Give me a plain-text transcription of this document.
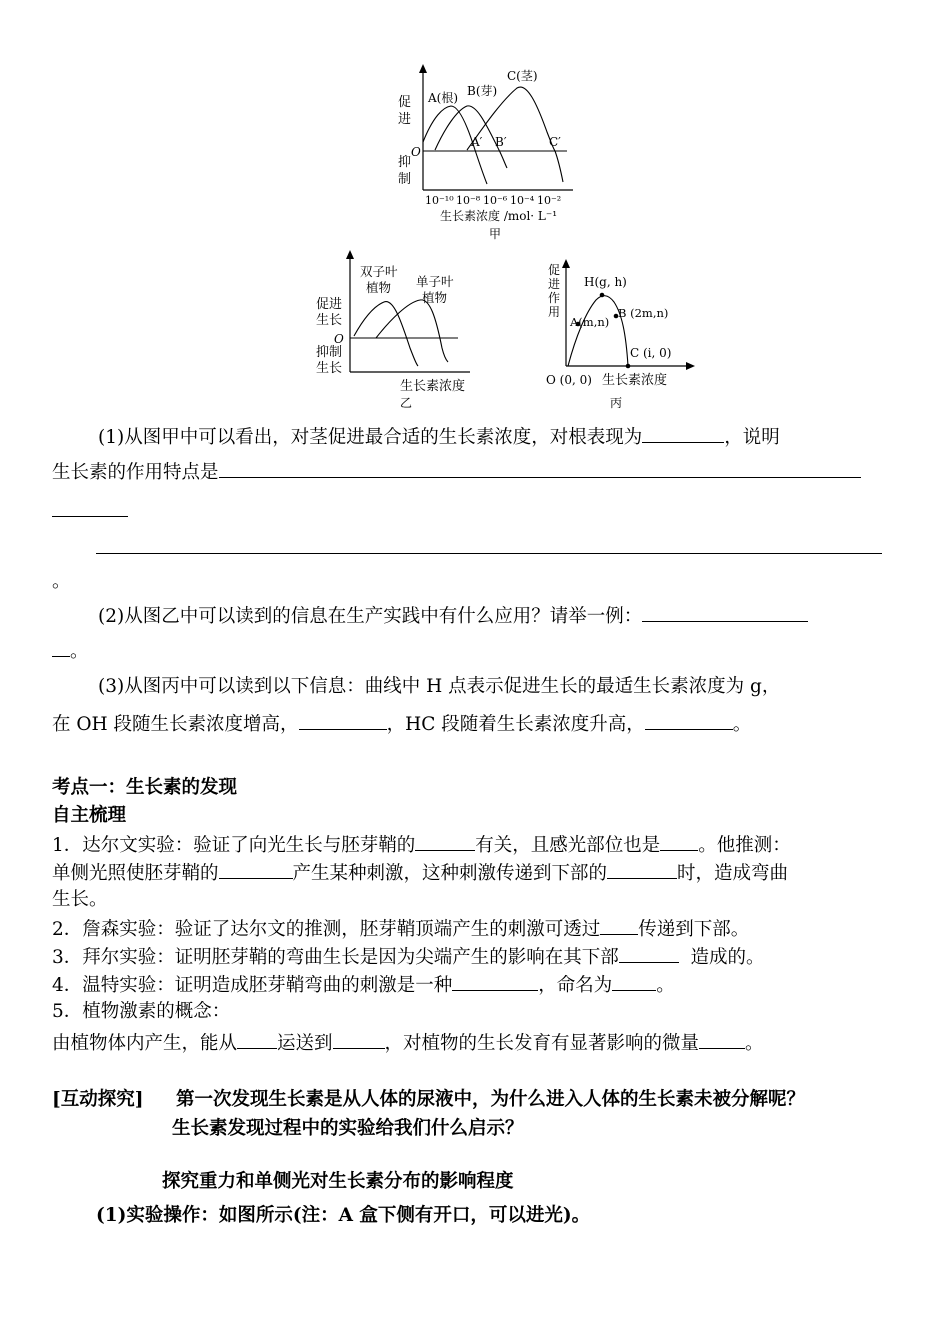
促
进
O
抑
制
A(根) B(芽)
C(茎)
A′ B′	C′
10⁻¹⁰ 10⁻⁸ 10⁻⁶ 10⁻⁴ 10⁻²
生长素浓度 /mol· L⁻¹
甲
促进
生长
O
抑制
生长
双子叶
植物 单子叶
植物
生长素浓度
乙
促
进
作
用
H(g, h)
A(m,n)
B (2m,n)
C (i, 0)
O (0, 0) 生长素浓度
丙
(1)从图甲中可以看出，对茎促进最合适的生长素浓度，对根表现为	，说明
生长素的作用特点是
。
(2)从图乙中可以读到的信息在生产实践中有什么应用？请举一例：
。
(3)从图丙中可以读到以下信息：曲线中 H 点表示促进生长的最适生长素浓度为 g，
在 OH 段随生长素浓度增高，	，HC 段随着生长素浓度升高，	。
考点一：生长素的发现
自主梳理
1．达尔文实验：验证了向光生长与胚芽鞘的	有关，且感光部位也是 。他推测：
单侧光照使胚芽鞘的	产生某种刺激，这种刺激传递到下部的	时，造成弯曲
生长。
2．詹森实验：验证了达尔文的推测，胚芽鞘顶端产生的刺激可透过 传递到下部。
3．拜尔实验：证明胚芽鞘的弯曲生长是因为尖端产生的影响在其下部	造成的。
4．温特实验：证明造成胚芽鞘弯曲的刺激是一种	，命名为 。
5．植物激素的概念：
由植物体内产生，能从 运送到	，对植物的生长发育有显著影响的微量 。
[互动探究] 第一次发现生长素是从人体的尿液中，为什么进入人体的生长素未被分解呢？
生长素发现过程中的实验给我们什么启示？
探究重力和单侧光对生长素分布的影响程度
(1)实验操作：如图所示(注：A 盒下侧有开口，可以进光)。
